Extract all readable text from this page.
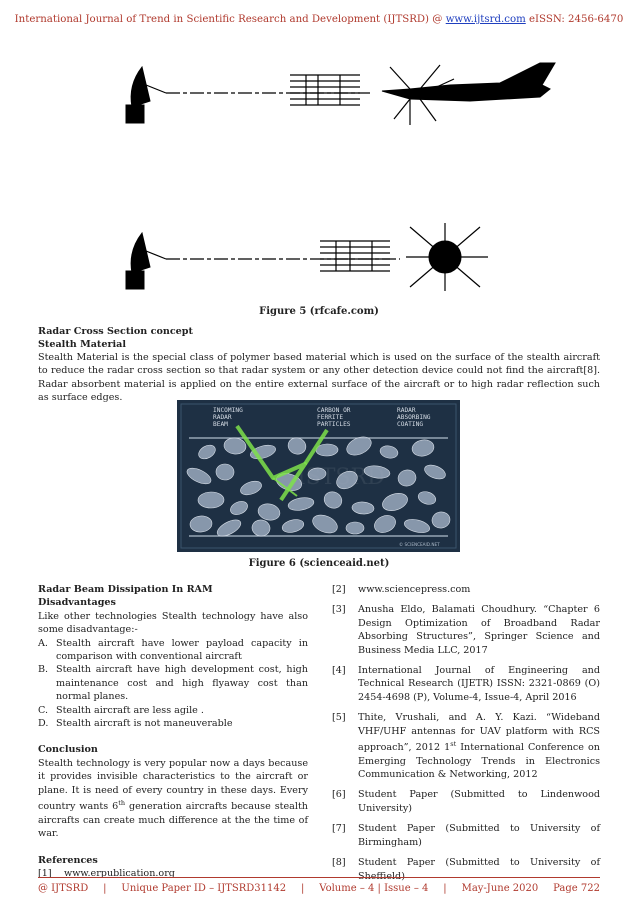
International Journal of Trend in Scientific Research and Development (IJTSRD) @ www.ijtsrd.com eISSN: 2456-6470
Figure 5 (rfcafe.com)
Radar Cross Section concept
Stealth Material
Stealth Material is the special class of polymer based material which is used on the surface of the stealth aircraft to reduce the radar cross section so that radar system or any other detection device could not find the aircraft[8]. Radar absorbent material is applied on the entire external surface of the aircraft or to high radar reflection such as surface edges.
INCOMING
RADAR
BEAM
CARBON OR
FERRITE
PARTICLES
RADAR
ABSORBING
COATING
© SCIENCEAID.NET
Figure 6 (scienceaid.net)

Radar Beam Dissipation In RAM

Disadvantages

Like other technologies Stealth technology have also some disadvantage:-

A. Stealth aircraft have lower payload capacity in comparison with conventional aircraft
B. Stealth aircraft have high development cost, high maintenance cost and high flyaway cost than normal planes.
C. Stealth aircraft are less agile .
D. Stealth aircraft is not maneuverable

Conclusion

Stealth technology is very popular now a days because it provides invisible characteristics to the aircraft or plane. It is need of every country in these days. Every country wants 6th generation aircrafts because stealth aircrafts can create much difference at the the time of war.

References

[1]	www.erpublication.org
[2]	www.sciencepress.com
[3]	Anusha Eldo, Balamati Choudhury. “Chapter 6 Design Optimization of Broadband Radar Absorbing Structures”, Springer Science and Business Media LLC, 2017
[4]	International Journal of Engineering and Technical Research (IJETR) ISSN: 2321-0869 (O) 2454-4698 (P), Volume-4, Issue-4, April 2016
[5]	Thite, Vrushali, and A. Y. Kazi. “Wideband VHF/UHF antennas for UAV platform with RCS approach”, 2012 1st International Conference on Emerging Technology Trends in Electronics Communication & Networking, 2012
[6]	Student Paper (Submitted to Lindenwood University)
[7]	Student Paper (Submitted to University of Birmingham)
[8]	Student Paper (Submitted to University of Sheffield)
@ IJTSRD | Unique Paper ID – IJTSRD31142 | Volume – 4 | Issue – 4 | May-June 2020 Page 722
